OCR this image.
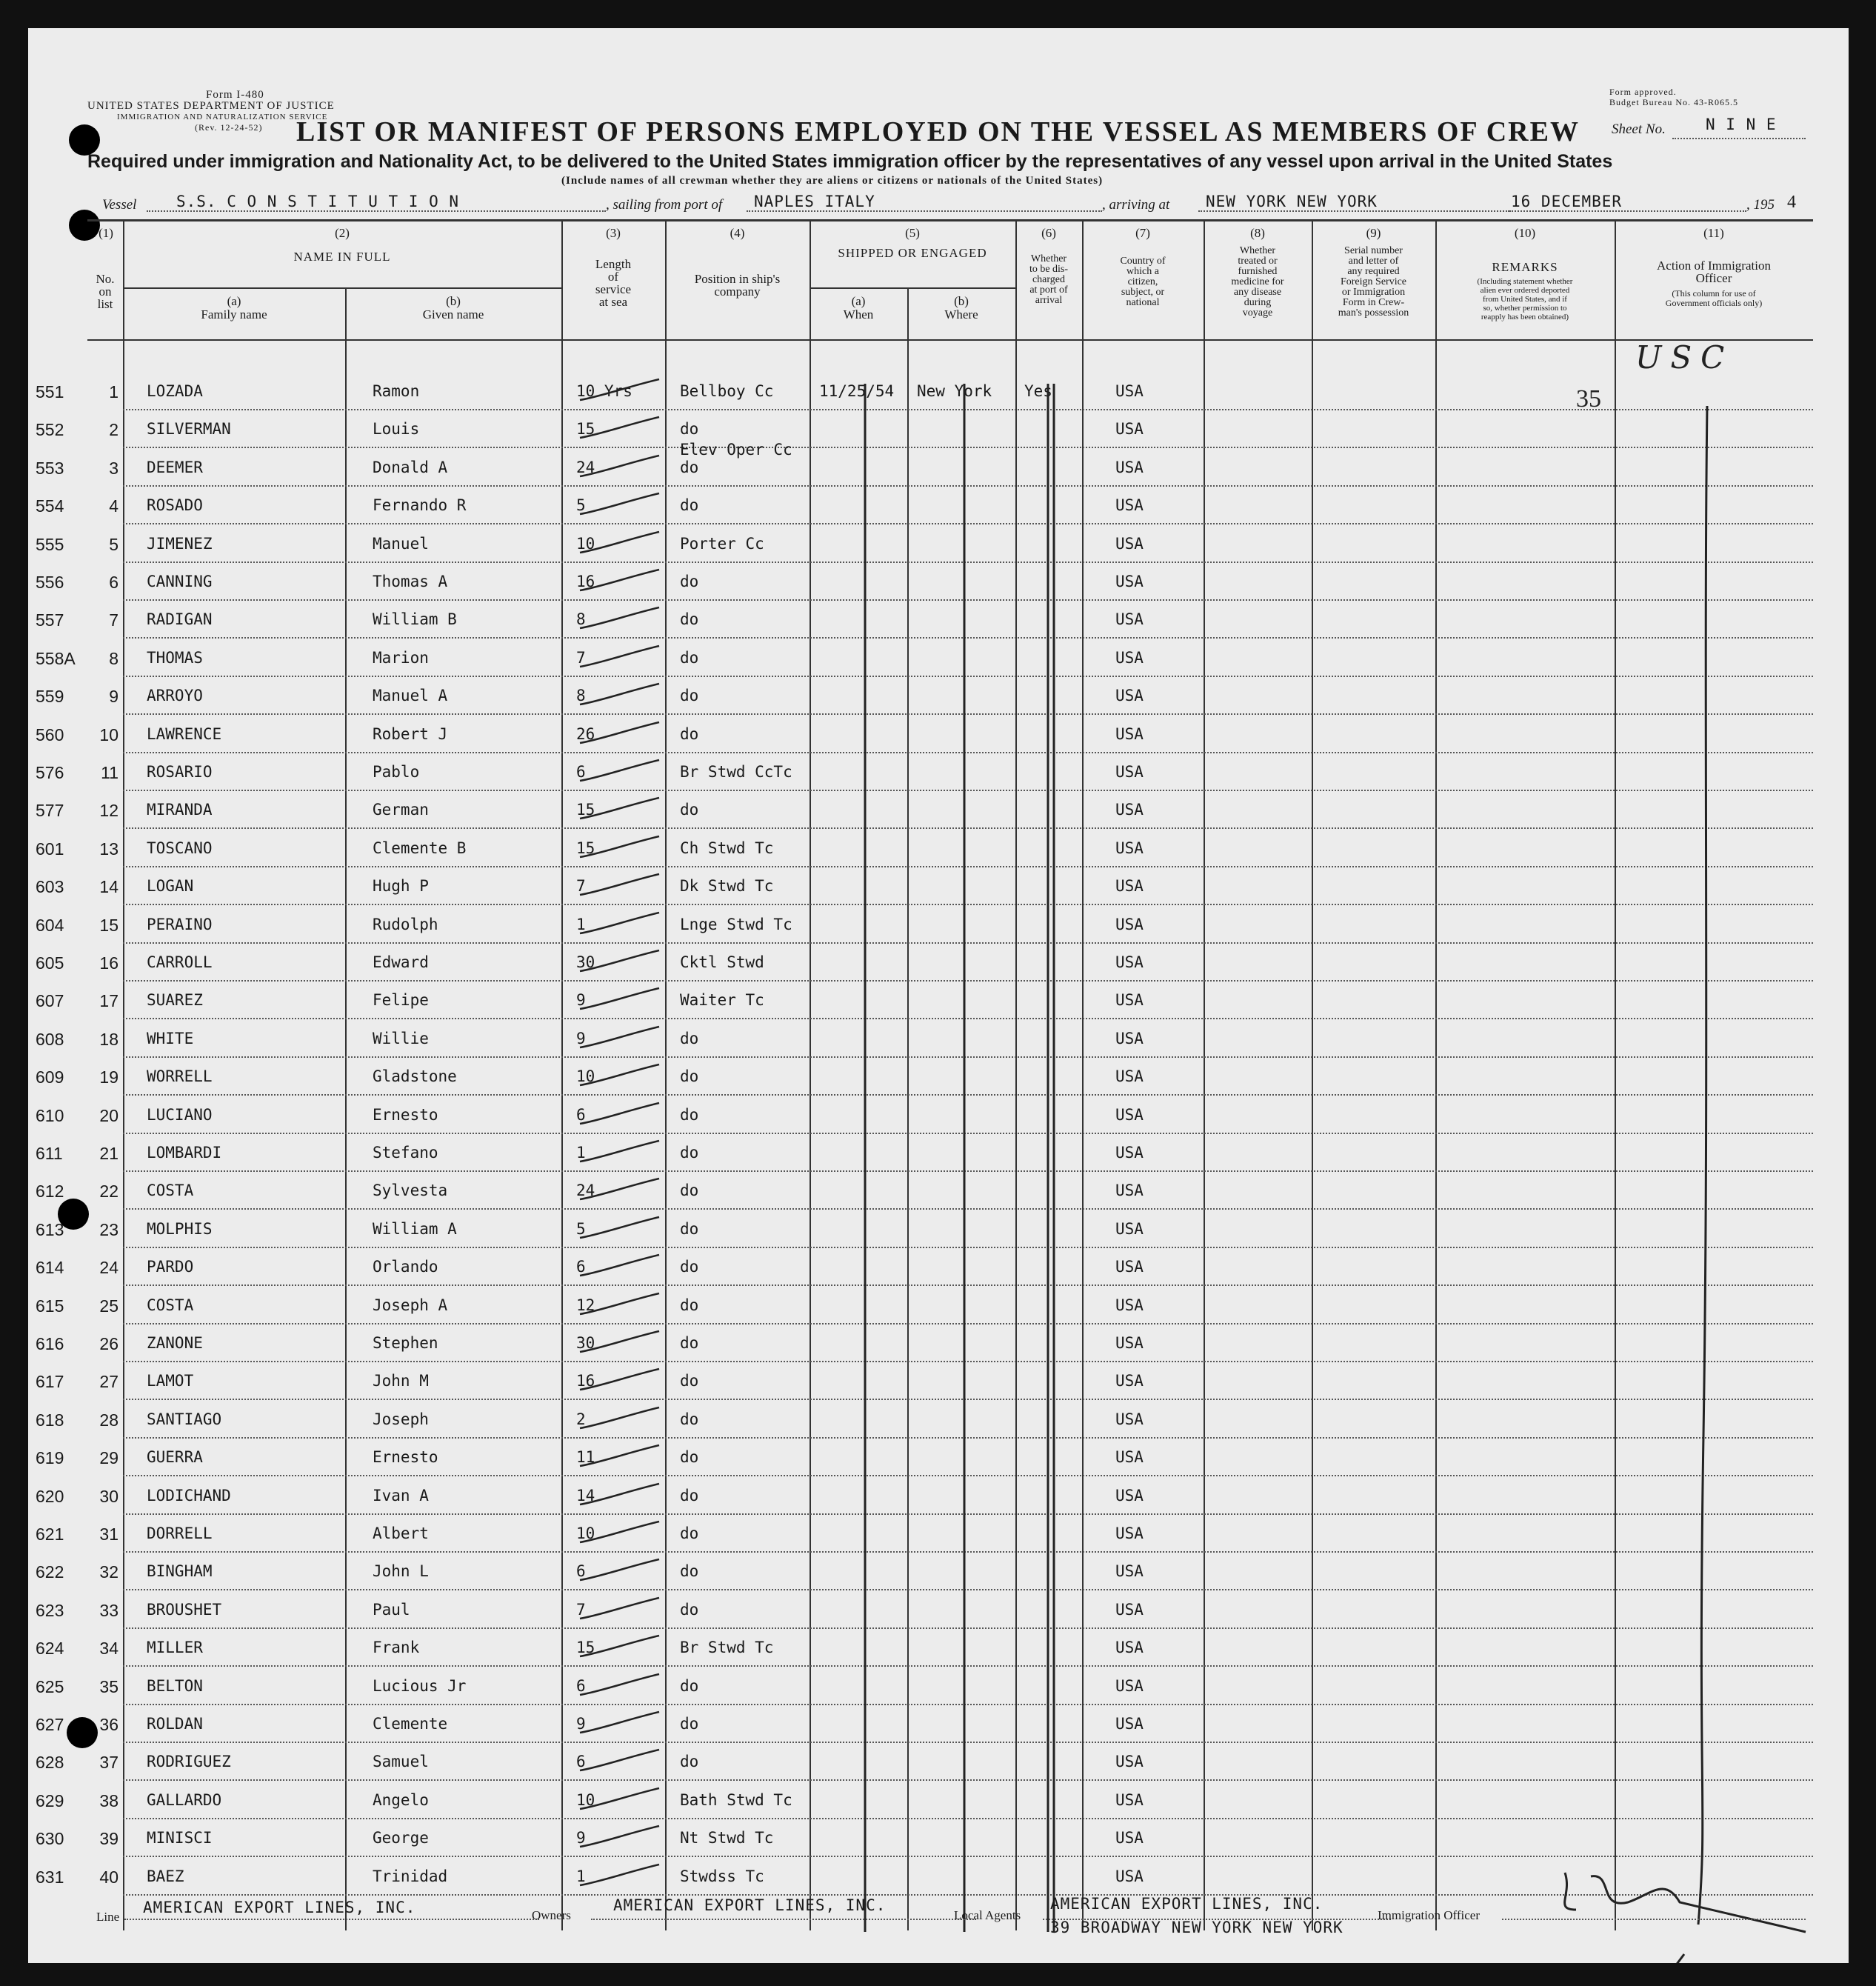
Form I-480
UNITED STATES DEPARTMENT OF JUSTICE
IMMIGRATION AND NATURALIZATION SERVICE
(Rev. 12-24-52)
Form approved.
Budget Bureau No. 43-R065.5
LIST OR MANIFEST OF PERSONS EMPLOYED ON THE VESSEL AS MEMBERS OF CREW Sheet No.	N I N E
Required under immigration and Nationality Act, to be delivered to the United States immigration officer by the representatives of any vessel upon arrival in the United States
(Include names of all crewman whether they are aliens or citizens or nationals of the United States)
Vessel	S.S. C O N S T I T U T I O N	, sailing from port of NAPLES ITALY	, arriving at NEW YORK NEW YORK	16 DECEMBER	, 195 4
(1)
No.
on
list
(2)
NAME IN FULL
(a)
Family name
(b)
Given name
(3)
Length
of
service
at sea
(4)
Position in ship's
company
(5)
SHIPPED OR ENGAGED
(a)
When
(b)
Where
(6)
Whether
to be dis-
charged
at port of
arrival
(7)
Country of
which a
citizen,
subject, or
national
(8)
Whether
treated or
furnished
medicine for
any disease
during
voyage
(9)
Serial number
and letter of
any required
Foreign Service
or Immigration
Form in Crew-
man's possession
(10)
REMARKS
(Including statement whether
alien ever ordered deported
from United States, and if
so, whether permission to
reapply has been obtained)
(11)
Action of Immigration
Officer
(This column for use of
Government officials only)
551	1 LOZADA	Ramon	10 Yrs	Bellboy Cc	11/25/54 New York Yes	USA
552	2 SILVERMAN	Louis	15	do	USA
553	3 DEEMER	Donald A	24	do	USA
Elev Oper Cc
554	4 ROSADO	Fernando R	5	do	USA
555	5 JIMENEZ	Manuel	10	Porter Cc	USA
556	6 CANNING	Thomas A	16	do	USA
557	7 RADIGAN	William B	8	do	USA
558A	8 THOMAS	Marion	7	do	USA
559	9 ARROYO	Manuel A	8	do	USA
560 10 LAWRENCE	Robert J	26	do	USA
576 11 ROSARIO	Pablo	6	Br Stwd CcTc	USA
577 12 MIRANDA	German	15	do	USA
601 13 TOSCANO	Clemente B	15	Ch Stwd Tc	USA
603 14 LOGAN	Hugh P	7	Dk Stwd Tc	USA
604 15 PERAINO	Rudolph	1	Lnge Stwd Tc	USA
605 16 CARROLL	Edward	30	Cktl Stwd	USA
607 17 SUAREZ	Felipe	9	Waiter Tc	USA
608 18 WHITE	Willie	9	do	USA
609 19 WORRELL	Gladstone	10	do	USA
610 20 LUCIANO	Ernesto	6	do	USA
611 21 LOMBARDI	Stefano	1	do	USA
612 22 COSTA	Sylvesta	24	do	USA
613 23 MOLPHIS	William A	5	do	USA
614 24 PARDO	Orlando	6	do	USA
615 25 COSTA	Joseph A	12	do	USA
616 26 ZANONE	Stephen	30	do	USA
617 27 LAMOT	John M	16	do	USA
618 28 SANTIAGO	Joseph	2	do	USA
619 29 GUERRA	Ernesto	11	do	USA
620 30 LODICHAND	Ivan A	14	do	USA
621 31 DORRELL	Albert	10	do	USA
622 32 BINGHAM	John L	6	do	USA
623 33 BROUSHET	Paul	7	do	USA
624 34 MILLER	Frank	15	Br Stwd Tc	USA
625 35 BELTON	Lucious Jr	6	do	USA
627 36 ROLDAN	Clemente	9	do	USA
628 37 RODRIGUEZ	Samuel	6	do	USA
629 38 GALLARDO	Angelo	10	Bath Stwd Tc	USA
630 39 MINISCI	George	9	Nt Stwd Tc	USA
631 40 BAEZ	Trinidad	1	Stwdss Tc	USA
USC
35
Line
AMERICAN EXPORT LINES, INC.	Owners
AMERICAN EXPORT LINES, INC.
Local Agents
AMERICAN EXPORT LINES, INC.
39 BROADWAY NEW YORK NEW YORK
Immigration Officer
